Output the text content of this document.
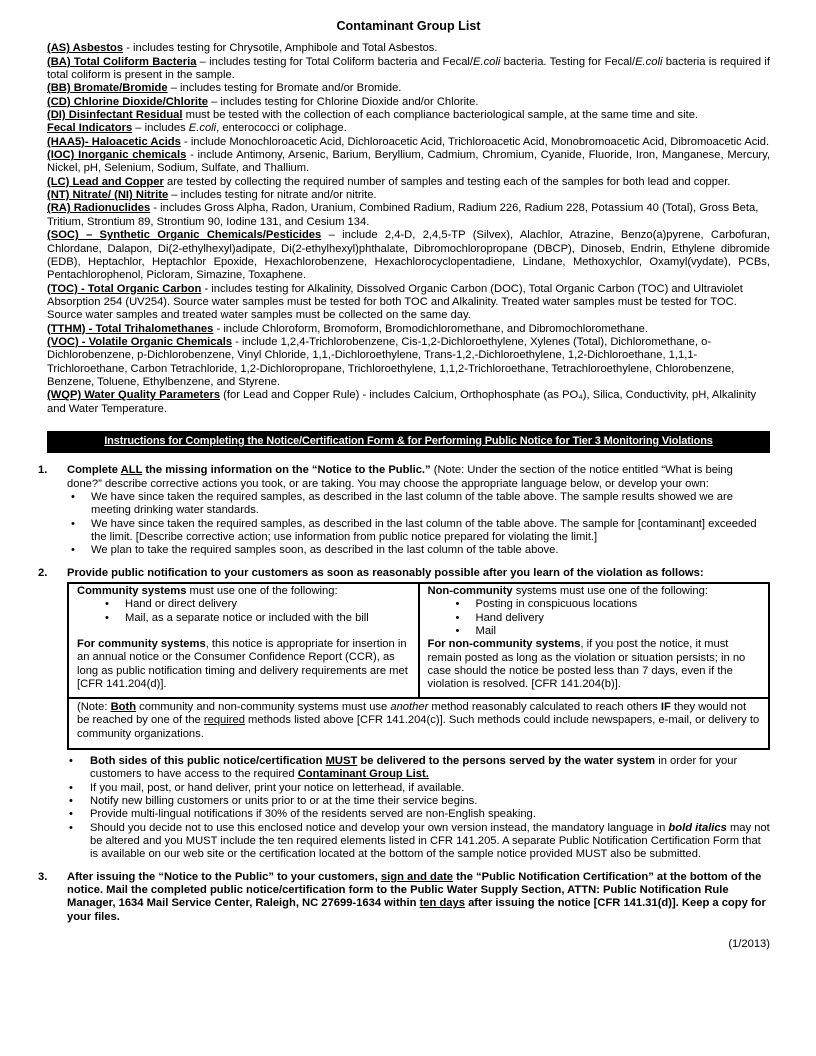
Contaminant Group List

(AS) Asbestos - includes testing for Chrysotile, Amphibole and Total Asbestos.

(BA) Total Coliform Bacteria – includes testing for Total Coliform bacteria and Fecal/E.coli bacteria. Testing for Fecal/E.coli bacteria is required if total coliform is present in the sample.

(BB) Bromate/Bromide – includes testing for Bromate and/or Bromide.

(CD) Chlorine Dioxide/Chlorite – includes testing for Chlorine Dioxide and/or Chlorite.

(DI) Disinfectant Residual must be tested with the collection of each compliance bacteriological sample, at the same time and site.

Fecal Indicators – includes E.coli, enterococci or coliphage.

(HAA5)- Haloacetic Acids - include Monochloroacetic Acid, Dichloroacetic Acid, Trichloroacetic Acid, Monobromoacetic Acid, Dibromoacetic Acid.

(IOC) Inorganic chemicals - include Antimony, Arsenic, Barium, Beryllium, Cadmium, Chromium, Cyanide, Fluoride, Iron, Manganese, Mercury, Nickel, pH, Selenium, Sodium, Sulfate, and Thallium.

(LC) Lead and Copper are tested by collecting the required number of samples and testing each of the samples for both lead and copper.

(NT) Nitrate/ (NI) Nitrite – includes testing for nitrate and/or nitrite.

(RA) Radionuclides - includes Gross Alpha, Radon, Uranium, Combined Radium, Radium 226, Radium 228, Potassium 40 (Total), Gross Beta, Tritium, Strontium 89, Strontium 90, Iodine 131, and Cesium 134.

(SOC) – Synthetic Organic Chemicals/Pesticides – include 2,4-D, 2,4,5-TP (Silvex), Alachlor, Atrazine, Benzo(a)pyrene, Carbofuran, Chlordane, Dalapon, Di(2-ethylhexyl)adipate, Di(2-ethylhexyl)phthalate, Dibromochloropropane (DBCP), Dinoseb, Endrin, Ethylene dibromide (EDB), Heptachlor, Heptachlor Epoxide, Hexachlorobenzene, Hexachlorocyclopentadiene, Lindane, Methoxychlor, Oxamyl(vydate), PCBs, Pentachlorophenol, Picloram, Simazine, Toxaphene.

(TOC) - Total Organic Carbon - includes testing for Alkalinity, Dissolved Organic Carbon (DOC), Total Organic Carbon (TOC) and Ultraviolet Absorption 254 (UV254). Source water samples must be tested for both TOC and Alkalinity. Treated water samples must be tested for TOC. Source water samples and treated water samples must be collected on the same day.

(TTHM) - Total Trihalomethanes - include Chloroform, Bromoform, Bromodichloromethane, and Dibromochloromethane.

(VOC) - Volatile Organic Chemicals - include 1,2,4-Trichlorobenzene, Cis-1,2-Dichloroethylene, Xylenes (Total), Dichloromethane, o-Dichlorobenzene, p-Dichlorobenzene, Vinyl Chloride, 1,1,-Dichloroethylene, Trans-1,2,-Dichloroethylene, 1,2-Dichloroethane, 1,1,1-Trichloroethane, Carbon Tetrachloride, 1,2-Dichloropropane, Trichloroethylene, 1,1,2-Trichloroethane, Tetrachloroethylene, Chlorobenzene, Benzene, Toluene, Ethylbenzene, and Styrene.

(WQP) Water Quality Parameters (for Lead and Copper Rule) - includes Calcium, Orthophosphate (as PO₄), Silica, Conductivity, pH, Alkalinity and Water Temperature.

Instructions for Completing the Notice/Certification Form & for Performing Public Notice for Tier 3 Monitoring Violations
1.	Complete ALL the missing information on the “Notice to the Public.” (Note: Under the section of the notice entitled “What is being done?” describe corrective actions you took, or are taking. You may choose the appropriate language below, or develop your own:

• We have since taken the required samples, as described in the last column of the table above. The sample results showed we are meeting drinking water standards.
• We have since taken the required samples, as described in the last column of the table above. The sample for [contaminant] exceeded the limit. [Describe corrective action; use information from public notice prepared for violating the limit.]
• We plan to take the required samples soon, as described in the last column of the table above.
2.	Provide public notification to your customers as soon as reasonably possible after you learn of the violation as follows:

Community systems must use one of the following:

• Hand or direct delivery
• Mail, as a separate notice or included with the bill

For community systems, this notice is appropriate for insertion in an annual notice or the Consumer Confidence Report (CCR), as long as public notification timing and delivery requirements are met [CFR 141.204(d)].

Non-community systems must use one of the following:

• Posting in conspicuous locations
• Hand delivery
• Mail

For non-community systems, if you post the notice, it must remain posted as long as the violation or situation persists; in no case should the notice be posted less than 7 days, even if the violation is resolved. [CFR 141.204(b)].

(Note: Both community and non-community systems must use another method reasonably calculated to reach others IF they would not be reached by one of the required methods listed above [CFR 141.204(c)]. Such methods could include newspapers, e-mail, or delivery to community organizations.

• Both sides of this public notice/certification MUST be delivered to the persons served by the water system in order for your customers to have access to the required Contaminant Group List.
• If you mail, post, or hand deliver, print your notice on letterhead, if available.
• Notify new billing customers or units prior to or at the time their service begins.
• Provide multi-lingual notifications if 30% of the residents served are non-English speaking.
• Should you decide not to use this enclosed notice and develop your own version instead, the mandatory language in bold italics may not be altered and you MUST include the ten required elements listed in CFR 141.205. A separate Public Notification Certification Form that is available on our web site or the certification located at the bottom of the sample notice provided MUST also be submitted.
3.	After issuing the “Notice to the Public” to your customers, sign and date the “Public Notification Certification” at the bottom of the notice. Mail the completed public notice/certification form to the Public Water Supply Section, ATTN: Public Notification Rule Manager, 1634 Mail Service Center, Raleigh, NC 27699-1634 within ten days after issuing the notice [CFR 141.31(d)]. Keep a copy for your files.

(1/2013)
